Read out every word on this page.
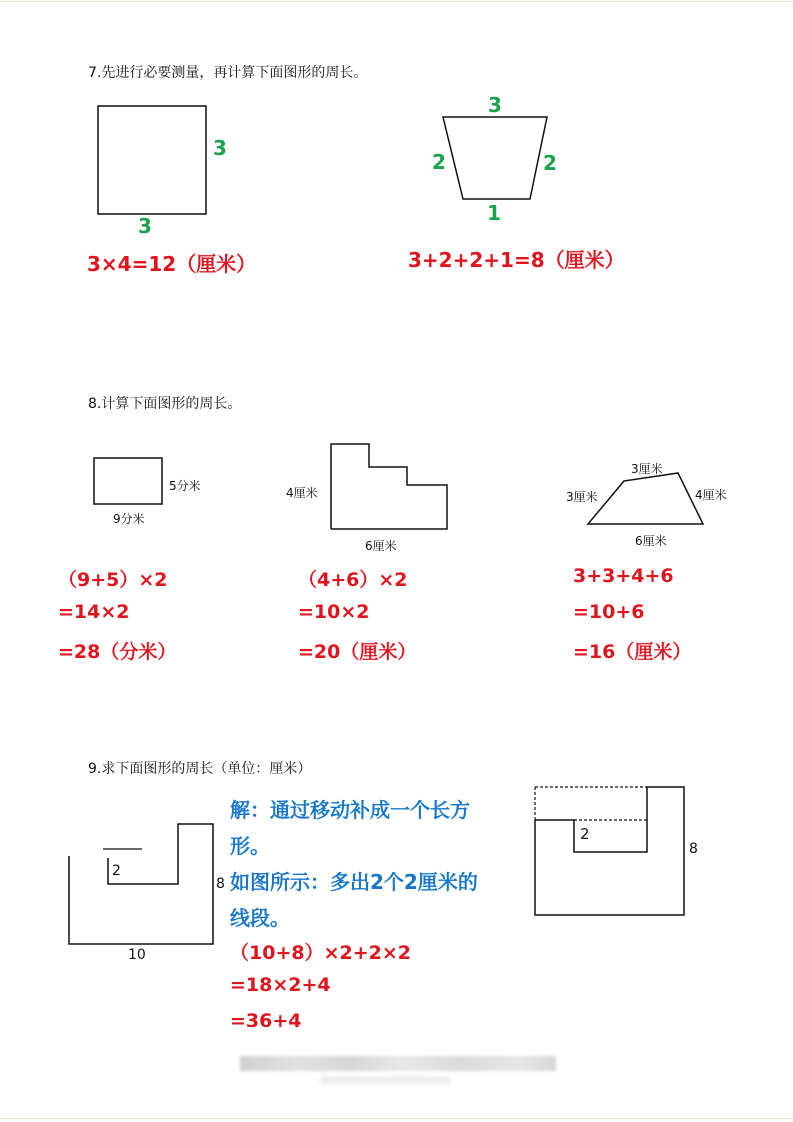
7.先进行必要测量，再计算下面图形的周长。
3
3
3×4=12（厘米）
3
2	2
1
3+2+2+1=8（厘米）
8.计算下面图形的周长。
5分米
9分米
（9+5）×2
=14×2
=28（分米）
4厘米
6厘米
（4+6）×2
=10×2
=20（厘米）
3厘米
3厘米	4厘米
6厘米
3+3+4+6
=10+6
=16（厘米）
9.求下面图形的周长（单位：厘米）
2
8
10
2
8
解：通过移动补成一个长方
形。
如图所示：多出2个2厘米的
线段。
（10+8）×2+2×2
=18×2+4
=36+4
